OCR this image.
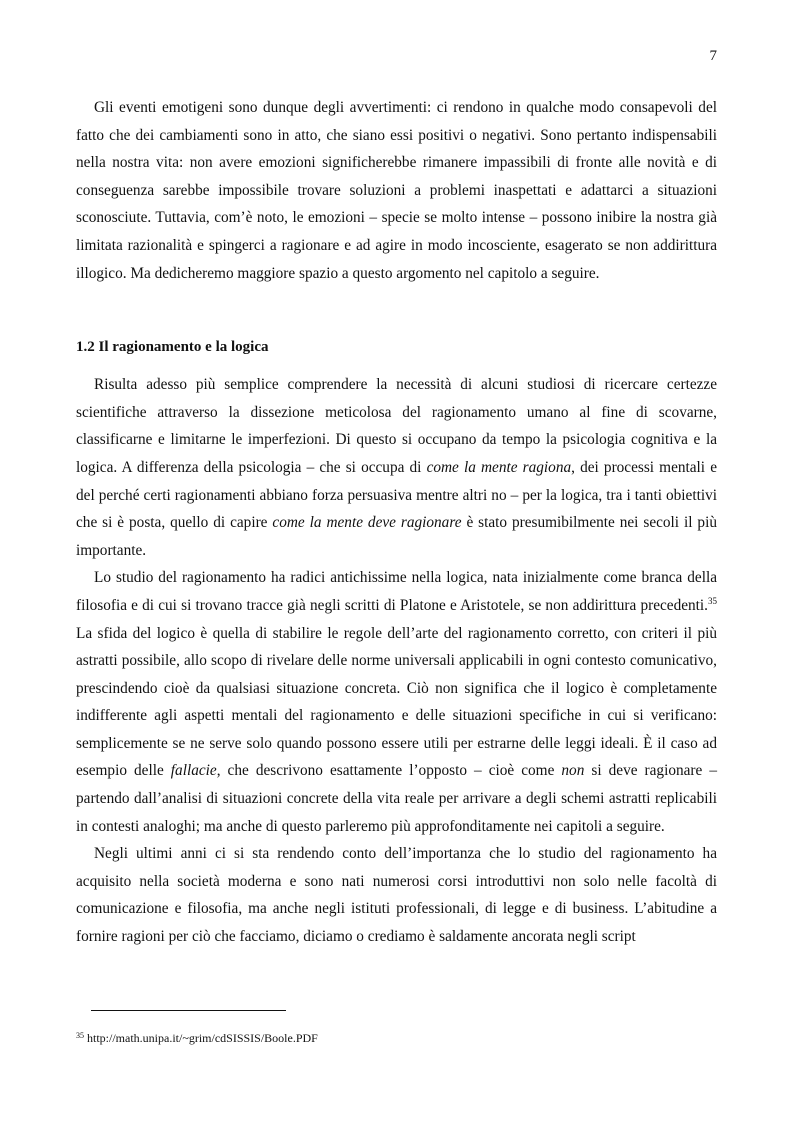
7

Gli eventi emotigeni sono dunque degli avvertimenti: ci rendono in qualche modo consapevoli del fatto che dei cambiamenti sono in atto, che siano essi positivi o negativi. Sono pertanto indispensabili nella nostra vita: non avere emozioni significherebbe rimanere impassibili di fronte alle novità e di conseguenza sarebbe impossibile trovare soluzioni a problemi inaspettati e adattarci a situazioni sconosciute. Tuttavia, com’è noto, le emozioni – specie se molto intense – possono inibire la nostra già limitata razionalità e spingerci a ragionare e ad agire in modo incosciente, esagerato se non addirittura illogico. Ma dedicheremo maggiore spazio a questo argomento nel capitolo a seguire.

1.2 Il ragionamento e la logica

Risulta adesso più semplice comprendere la necessità di alcuni studiosi di ricercare certezze scientifiche attraverso la dissezione meticolosa del ragionamento umano al fine di scovarne, classificarne e limitarne le imperfezioni. Di questo si occupano da tempo la psicologia cognitiva e la logica. A differenza della psicologia – che si occupa di come la mente ragiona, dei processi mentali e del perché certi ragionamenti abbiano forza persuasiva mentre altri no – per la logica, tra i tanti obiettivi che si è posta, quello di capire come la mente deve ragionare è stato presumibilmente nei secoli il più importante.

Lo studio del ragionamento ha radici antichissime nella logica, nata inizialmente come branca della filosofia e di cui si trovano tracce già negli scritti di Platone e Aristotele, se non addirittura precedenti.$^{35}$ La sfida del logico è quella di stabilire le regole dell’arte del ragionamento corretto, con criteri il più astratti possibile, allo scopo di rivelare delle norme universali applicabili in ogni contesto comunicativo, prescindendo cioè da qualsiasi situazione concreta. Ciò non significa che il logico è completamente indifferente agli aspetti mentali del ragionamento e delle situazioni specifiche in cui si verificano: semplicemente se ne serve solo quando possono essere utili per estrarne delle leggi ideali. È il caso ad esempio delle fallacie, che descrivono esattamente l’opposto – cioè come non si deve ragionare – partendo dall’analisi di situazioni concrete della vita reale per arrivare a degli schemi astratti replicabili in contesti analoghi; ma anche di questo parleremo più approfonditamente nei capitoli a seguire.

Negli ultimi anni ci si sta rendendo conto dell’importanza che lo studio del ragionamento ha acquisito nella società moderna e sono nati numerosi corsi introduttivi non solo nelle facoltà di comunicazione e filosofia, ma anche negli istituti professionali, di legge e di business. L’abitudine a fornire ragioni per ciò che facciamo, diciamo o crediamo è saldamente ancorata negli script

$^{35}$ http://math.unipa.it/~grim/cdSISSIS/Boole.PDF
